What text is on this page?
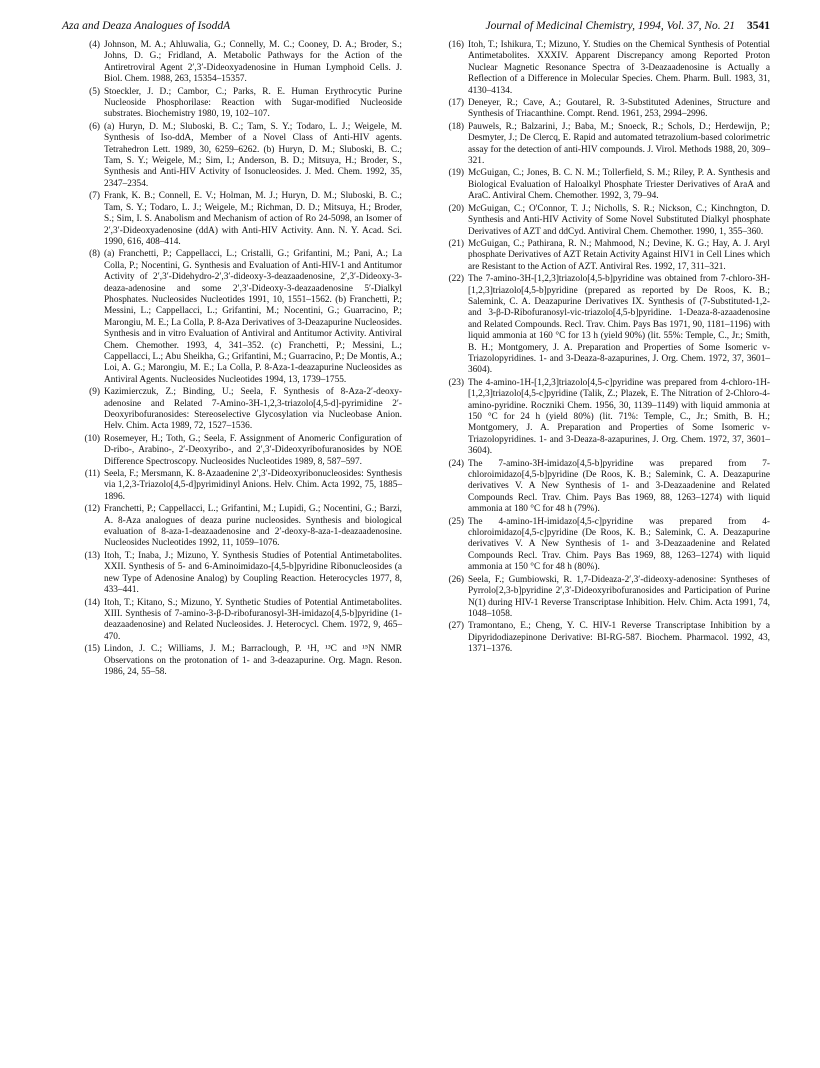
Aza and Deaza Analogues of IsoddA	Journal of Medicinal Chemistry, 1994, Vol. 37, No. 21 3541
(4) Johnson, M. A.; Ahluwalia, G.; Connelly, M. C.; Cooney, D. A.; Broder, S.; Johns, D. G.; Fridland, A. Metabolic Pathways for the Action of the Antiretroviral Agent 2′,3′-Dideoxyadenosine in Human Lymphoid Cells. J. Biol. Chem. 1988, 263, 15354–15357.
(5) Stoeckler, J. D.; Cambor, C.; Parks, R. E. Human Erythrocytic Purine Nucleoside Phosphorilase: Reaction with Sugar-modified Nucleoside substrates. Biochemistry 1980, 19, 102–107.
(6) (a) Huryn, D. M.; Sluboski, B. C.; Tam, S. Y.; Todaro, L. J.; Weigele, M. Synthesis of Iso-ddA, Member of a Novel Class of Anti-HIV agents. Tetrahedron Lett. 1989, 30, 6259–6262. (b) Huryn, D. M.; Sluboski, B. C.; Tam, S. Y.; Weigele, M.; Sim, I.; Anderson, B. D.; Mitsuya, H.; Broder, S., Synthesis and Anti-HIV Activity of Isonucleosides. J. Med. Chem. 1992, 35, 2347–2354.
(7) Frank, K. B.; Connell, E. V.; Holman, M. J.; Huryn, D. M.; Sluboski, B. C.; Tam, S. Y.; Todaro, L. J.; Weigele, M.; Richman, D. D.; Mitsuya, H.; Broder, S.; Sim, I. S. Anabolism and Mechanism of action of Ro 24-5098, an Isomer of 2′,3′-Dideoxyadenosine (ddA) with Anti-HIV Activity. Ann. N. Y. Acad. Sci. 1990, 616, 408–414.
(8) (a) Franchetti, P.; Cappellacci, L.; Cristalli, G.; Grifantini, M.; Pani, A.; La Colla, P.; Nocentini, G. Synthesis and Evaluation of Anti-HIV-1 and Antitumor Activity of 2′,3′-Didehydro-2′,3′-dideoxy-3-deazaadenosine, 2′,3′-Dideoxy-3-deaza-adenosine and some 2′,3′-Dideoxy-3-deazaadenosine 5′-Dialkyl Phosphates. Nucleosides Nucleotides 1991, 10, 1551–1562. (b) Franchetti, P.; Messini, L.; Cappellacci, L.; Grifantini, M.; Nocentini, G.; Guarracino, P.; Marongiu, M. E.; La Colla, P. 8-Aza Derivatives of 3-Deazapurine Nucleosides. Synthesis and in vitro Evaluation of Antiviral and Antitumor Activity. Antiviral Chem. Chemother. 1993, 4, 341–352. (c) Franchetti, P.; Messini, L.; Cappellacci, L.; Abu Sheikha, G.; Grifantini, M.; Guarracino, P.; De Montis, A.; Loi, A. G.; Marongiu, M. E.; La Colla, P. 8-Aza-1-deazapurine Nucleosides as Antiviral Agents. Nucleosides Nucleotides 1994, 13, 1739–1755.
(9) Kazimierczuk, Z.; Binding, U.; Seela, F. Synthesis of 8-Aza-2′-deoxy-adenosine and Related 7-Amino-3H-1,2,3-triazolo[4,5-d]-pyrimidine 2′-Deoxyribofuranosides: Stereoselective Glycosylation via Nucleobase Anion. Helv. Chim. Acta 1989, 72, 1527–1536.
(10) Rosemeyer, H.; Toth, G.; Seela, F. Assignment of Anomeric Configuration of D-ribo-, Arabino-, 2′-Deoxyribo-, and 2′,3′-Dideoxyribofuranosides by NOE Difference Spectroscopy. Nucleosides Nucleotides 1989, 8, 587–597.
(11) Seela, F.; Mersmann, K. 8-Azaadenine 2′,3′-Dideoxyribonucleosides: Synthesis via 1,2,3-Triazolo[4,5-d]pyrimidinyl Anions. Helv. Chim. Acta 1992, 75, 1885–1896.
(12) Franchetti, P.; Cappellacci, L.; Grifantini, M.; Lupidi, G.; Nocentini, G.; Barzi, A. 8-Aza analogues of deaza purine nucleosides. Synthesis and biological evaluation of 8-aza-1-deazaadenosine and 2′-deoxy-8-aza-1-deazaadenosine. Nucleosides Nucleotides 1992, 11, 1059–1076.
(13) Itoh, T.; Inaba, J.; Mizuno, Y. Synthesis Studies of Potential Antimetabolites. XXII. Synthesis of 5- and 6-Aminoimidazo-[4,5-b]pyridine Ribonucleosides (a new Type of Adenosine Analog) by Coupling Reaction. Heterocycles 1977, 8, 433–441.
(14) Itoh, T.; Kitano, S.; Mizuno, Y. Synthetic Studies of Potential Antimetabolites. XIII. Synthesis of 7-amino-3-β-D-ribofuranosyl-3H-imidazo[4,5-b]pyridine (1-deazaadenosine) and Related Nucleosides. J. Heterocycl. Chem. 1972, 9, 465–470.
(15) Lindon, J. C.; Williams, J. M.; Barraclough, P. ¹H, ¹³C and ¹⁵N NMR Observations on the protonation of 1- and 3-deazapurine. Org. Magn. Reson. 1986, 24, 55–58.
(16) Itoh, T.; Ishikura, T.; Mizuno, Y. Studies on the Chemical Synthesis of Potential Antimetabolites. XXXIV. Apparent Discrepancy among Reported Proton Nuclear Magnetic Resonance Spectra of 3-Deazaadenosine is Actually a Reflection of a Difference in Molecular Species. Chem. Pharm. Bull. 1983, 31, 4130–4134.
(17) Deneyer, R.; Cave, A.; Goutarel, R. 3-Substituted Adenines, Structure and Synthesis of Triacanthine. Compt. Rend. 1961, 253, 2994–2996.
(18) Pauwels, R.; Balzarini, J.; Baba, M.; Snoeck, R.; Schols, D.; Herdewijn, P.; Desmyter, J.; De Clercq, E. Rapid and automated tetrazolium-based colorimetric assay for the detection of anti-HIV compounds. J. Virol. Methods 1988, 20, 309–321.
(19) McGuigan, C.; Jones, B. C. N. M.; Tollerfield, S. M.; Riley, P. A. Synthesis and Biological Evaluation of Haloalkyl Phosphate Triester Derivatives of AraA and AraC. Antiviral Chem. Chemother. 1992, 3, 79–94.
(20) McGuigan, C.; O'Connor, T. J.; Nicholls, S. R.; Nickson, C.; Kinchngton, D. Synthesis and Anti-HIV Activity of Some Novel Substituted Dialkyl phosphate Derivatives of AZT and ddCyd. Antiviral Chem. Chemother. 1990, 1, 355–360.
(21) McGuigan, C.; Pathirana, R. N.; Mahmood, N.; Devine, K. G.; Hay, A. J. Aryl phosphate Derivatives of AZT Retain Activity Against HIV1 in Cell Lines which are Resistant to the Action of AZT. Antiviral Res. 1992, 17, 311–321.
(22) The 7-amino-3H-[1,2,3]triazolo[4,5-b]pyridine was obtained from 7-chloro-3H-[1,2,3]triazolo[4,5-b]pyridine (prepared as reported by De Roos, K. B.; Salemink, C. A. Deazapurine Derivatives IX. Synthesis of (7-Substituted-1,2- and 3-β-D-Ribofuranosyl-vic-triazolo[4,5-b]pyridine. 1-Deaza-8-azaadenosine and Related Compounds. Recl. Trav. Chim. Pays Bas 1971, 90, 1181–1196) with liquid ammonia at 160 °C for 13 h (yield 90%) (lit. 55%: Temple, C., Jr.; Smith, B. H.; Montgomery, J. A. Preparation and Properties of Some Isomeric v-Triazolopyridines. 1- and 3-Deaza-8-azapurines, J. Org. Chem. 1972, 37, 3601–3604).
(23) The 4-amino-1H-[1,2,3]triazolo[4,5-c]pyridine was prepared from 4-chloro-1H-[1,2,3]triazolo[4,5-c]pyridine (Talik, Z.; Plazek, E. The Nitration of 2-Chloro-4-amino-pyridine. Roczniki Chem. 1956, 30, 1139–1149) with liquid ammonia at 150 °C for 24 h (yield 80%) (lit. 71%: Temple, C., Jr.; Smith, B. H.; Montgomery, J. A. Preparation and Properties of Some Isomeric v-Triazolopyridines. 1- and 3-Deaza-8-azapurines, J. Org. Chem. 1972, 37, 3601–3604).
(24) The 7-amino-3H-imidazo[4,5-b]pyridine was prepared from 7-chloroimidazo[4,5-b]pyridine (De Roos, K. B.; Salemink, C. A. Deazapurine derivatives V. A New Synthesis of 1- and 3-Deazaadenine and Related Compounds Recl. Trav. Chim. Pays Bas 1969, 88, 1263–1274) with liquid ammonia at 180 °C for 48 h (79%).
(25) The 4-amino-1H-imidazo[4,5-c]pyridine was prepared from 4-chloroimidazo[4,5-c]pyridine (De Roos, K. B.; Salemink, C. A. Deazapurine derivatives V. A New Synthesis of 1- and 3-Deazaadenine and Related Compounds Recl. Trav. Chim. Pays Bas 1969, 88, 1263–1274) with liquid ammonia at 150 °C for 48 h (80%).
(26) Seela, F.; Gumbiowski, R. 1,7-Dideaza-2′,3′-dideoxy-adenosine: Syntheses of Pyrrolo[2,3-b]pyridine 2′,3′-Dideoxyribofuranosides and Participation of Purine N(1) during HIV-1 Reverse Transcriptase Inhibition. Helv. Chim. Acta 1991, 74, 1048–1058.
(27) Tramontano, E.; Cheng, Y. C. HIV-1 Reverse Transcriptase Inhibition by a Dipyridodiazepinone Derivative: BI-RG-587. Biochem. Pharmacol. 1992, 43, 1371–1376.
